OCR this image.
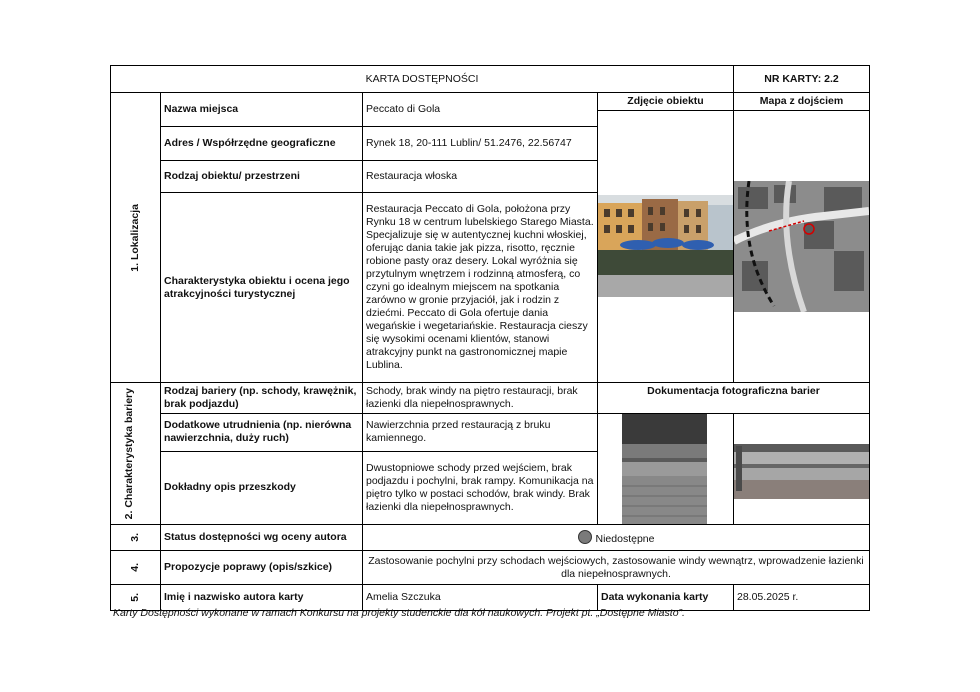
KARTA DOSTĘPNOŚCI				NR KARTY: 2.2

1. Lokalizacja	Nazwa miejsca	Peccato di Gola	Zdjęcie obiektu	Mapa z dojściem

	Adres / Współrzędne geograficzne	Rynek 18, 20-111 Lublin/ 51.2476, 22.56747		
	Rodzaj obiektu/ przestrzeni	Restauracja włoska		
	Charakterystyka obiektu i ocena jego atrakcyjności turystycznej	Restauracja Peccato di Gola, położona przy Rynku 18 w centrum lubelskiego Starego Miasta. Specjalizuje się w autentycznej kuchni włoskiej, oferując dania takie jak pizza, risotto, ręcznie robione pasty oraz desery. Lokal wyróżnia się przytulnym wnętrzem i rodzinną atmosferą, co czyni go idealnym miejscem na spotkania zarówno w gronie przyjaciół, jak i rodzin z dziećmi. Peccato di Gola ofertuje dania wegańskie i wegetariańskie. Restauracja cieszy się wysokimi ocenami klientów, stanowi atrakcyjny punkt na gastronomicznej mapie Lublina.		

2. Charakterystyka bariery	Rodzaj bariery (np. schody, krawężnik, brak podjazdu)	Schody, brak windy na piętro restauracji, brak łazienki dla niepełnosprawnych.	Dokumentacja fotograficzna barier	
	Dodatkowe utrudnienia (np. nierówna nawierzchnia, duży ruch)	Nawierzchnia przed restauracją z bruku kamiennego.	

	Dokładny opis przeszkody	Dwustopniowe schody przed wejściem, brak podjazdu i pochylni, brak rampy. Komunikacja na piętro tylko w postaci schodów, brak windy. Brak łazienki dla niepełnosprawnych.		

3.	Status dostępności wg oceny autora	Niedostępne		

4.	Propozycje poprawy (opis/szkice)	Zastosowanie pochylni przy schodach wejściowych, zastosowanie windy wewnątrz, wprowadzenie łazienki dla niepełnosprawnych.		

5.	Imię i nazwisko autora karty	Amelia Szczuka	Data wykonania karty	28.05.2025 r.
Karty Dostępności wykonane w ramach Konkursu na projekty studenckie dla kół naukowych. Projekt pt. „Dostępne Miasto”.
